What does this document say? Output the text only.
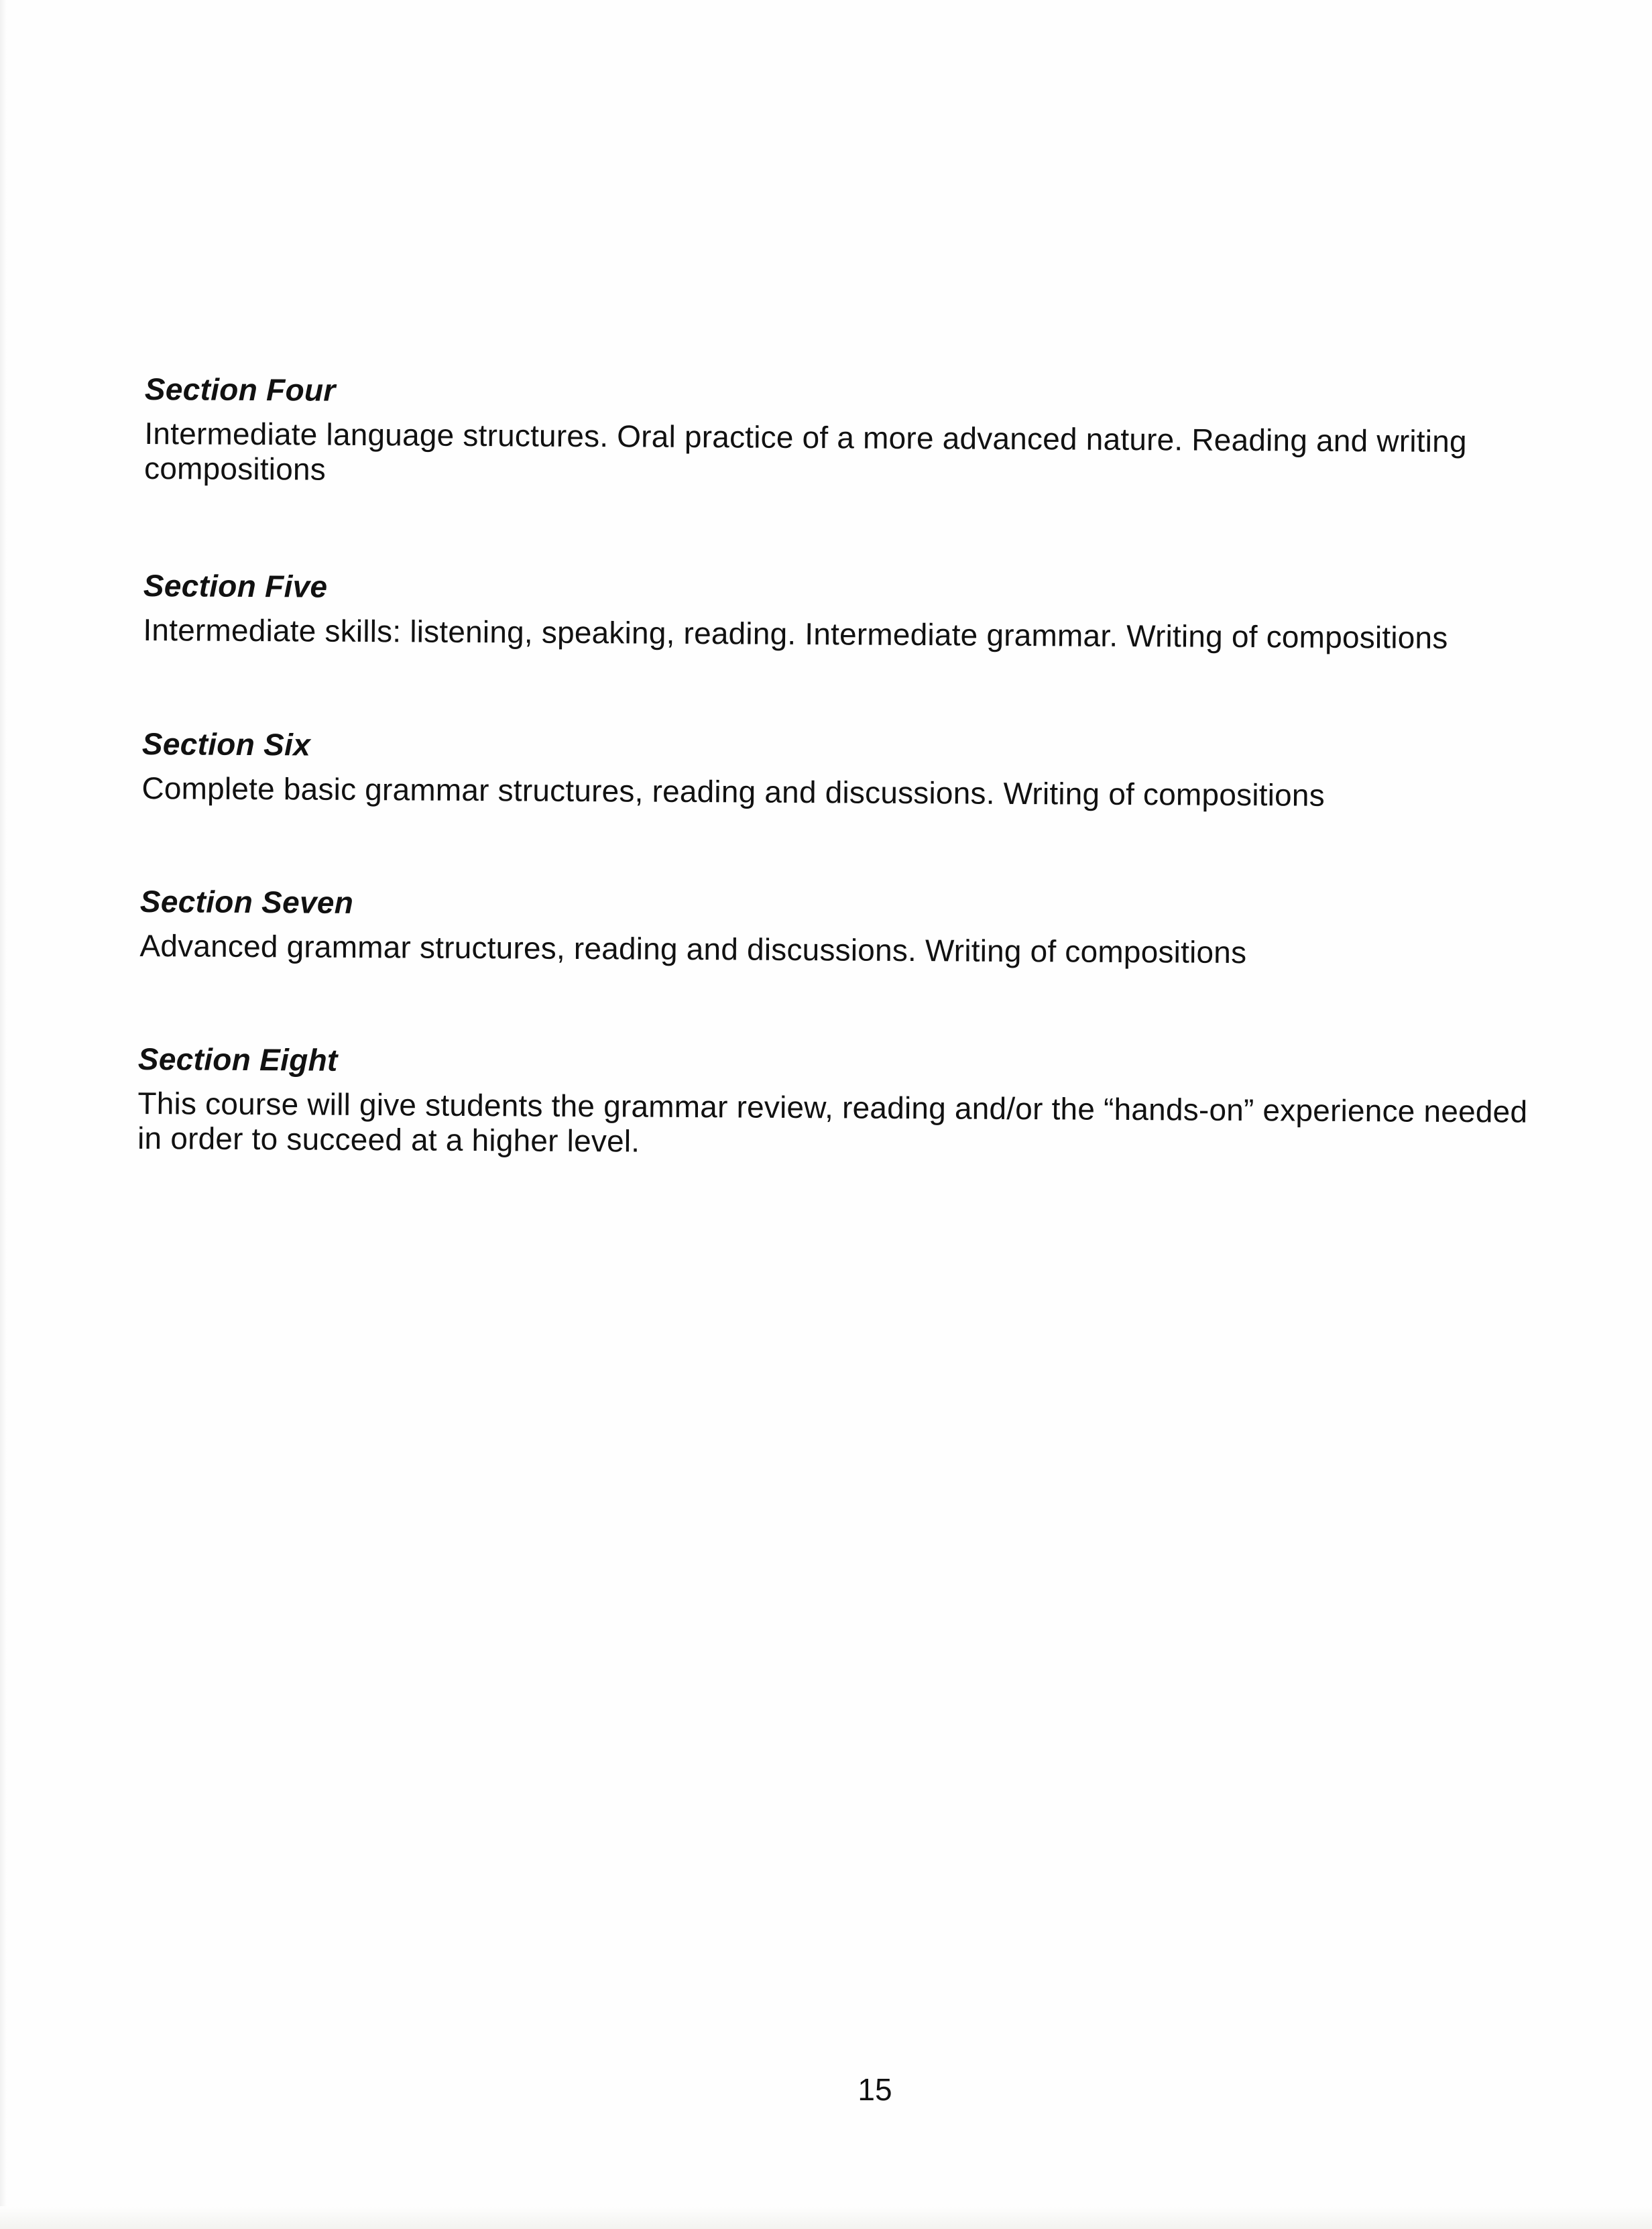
Section Four

Intermediate language structures. Oral practice of a more advanced nature. Reading and writing compositions

Section Five

Intermediate skills: listening, speaking, reading. Intermediate grammar. Writing of compositions

Section Six

Complete basic grammar structures, reading and discussions. Writing of compositions

Section Seven

Advanced grammar structures, reading and discussions. Writing of compositions

Section Eight

This course will give students the grammar review, reading and/or the “hands-on” experience needed in order to succeed at a higher level.

15
